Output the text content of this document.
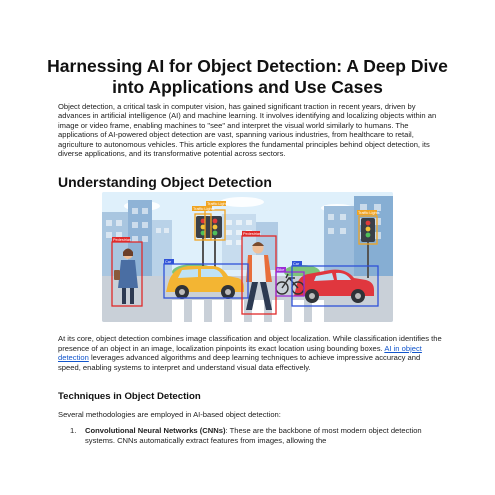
Harnessing AI for Object Detection: A Deep Dive into Applications and Use Cases

Object detection, a critical task in computer vision, has gained significant traction in recent years, driven by advances in artificial intelligence (AI) and machine learning. It involves identifying and localizing objects within an image or video frame, enabling machines to "see" and interpret the visual world similarly to humans. The applications of AI-powered object detection are vast, spanning various industries, from healthcare to retail, agriculture to autonomous vehicles. This article explores the fundamental principles behind object detection, its diverse applications, and its transformative potential across sectors.

Understanding Object Detection
Traffic Lights
Traffic Lights
Traffic Lights
Pedestrian
Car
Pedestrian
Bike
Car

At its core, object detection combines image classification and object localization. While classification identifies the presence of an object in an image, localization pinpoints its exact location using bounding boxes. AI in object detection leverages advanced algorithms and deep learning techniques to achieve impressive accuracy and speed, enabling systems to interpret and understand visual data effectively.

Techniques in Object Detection

Several methodologies are employed in AI-based object detection:

1. Convolutional Neural Networks (CNNs): These are the backbone of most modern object detection systems. CNNs automatically extract features from images, allowing the
